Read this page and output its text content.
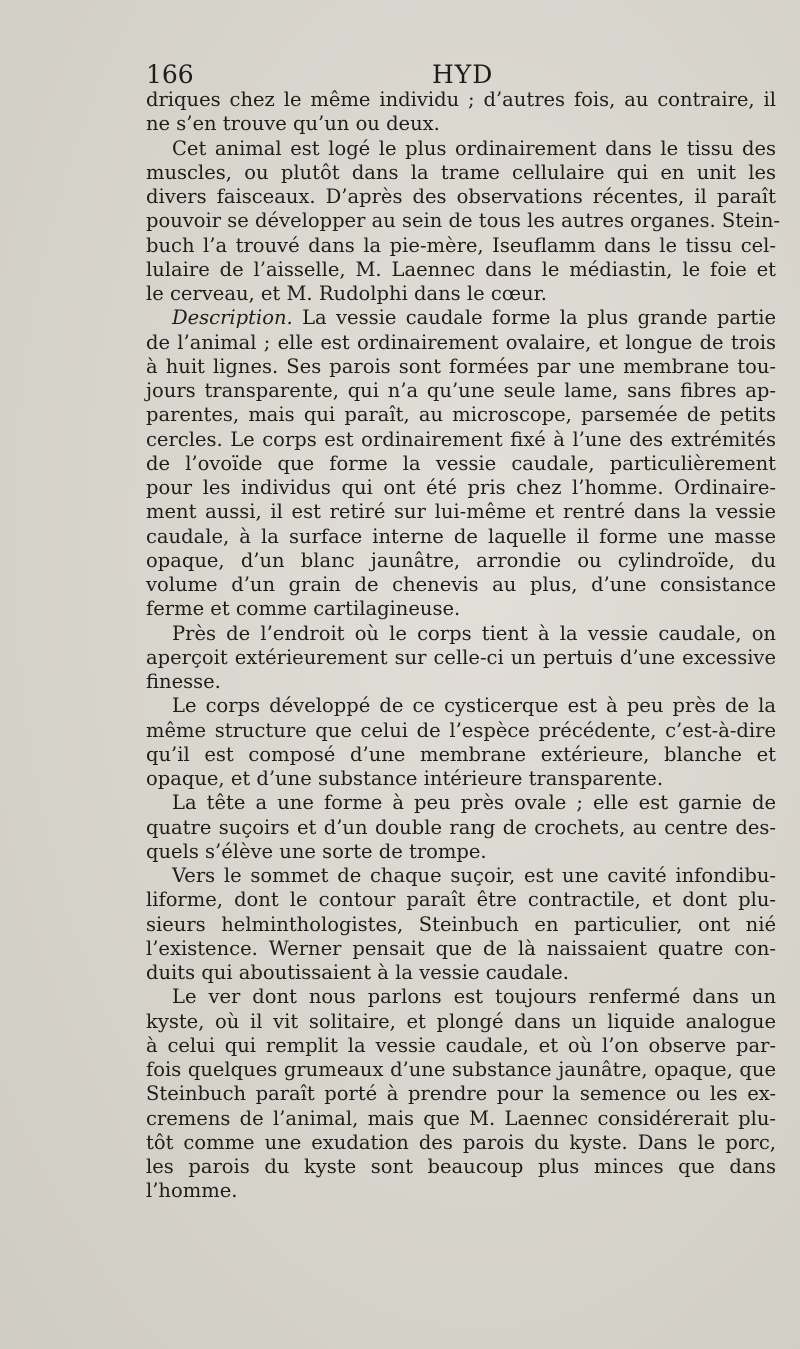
166	HYD
driques chez le même individu ; d’autres fois, au contraire, il
ne s’en trouve qu’un ou deux.
Cet animal est logé le plus ordinairement dans le tissu des
muscles, ou plutôt dans la trame cellulaire qui en unit les
divers faisceaux. D’après des observations récentes, il paraît
pouvoir se développer au sein de tous les autres organes. Stein-
buch l’a trouvé dans la pie-mère, Iseuflamm dans le tissu cel-
lulaire de l’aisselle, M. Laennec dans le médiastin, le foie et
le cerveau, et M. Rudolphi dans le cœur.
Description. La vessie caudale forme la plus grande partie
de l’animal ; elle est ordinairement ovalaire, et longue de trois
à huit lignes. Ses parois sont formées par une membrane tou-
jours transparente, qui n’a qu’une seule lame, sans fibres ap-
parentes, mais qui paraît, au microscope, parsemée de petits
cercles. Le corps est ordinairement fixé à l’une des extrémités
de l’ovoïde que forme la vessie caudale, particulièrement
pour les individus qui ont été pris chez l’homme. Ordinaire-
ment aussi, il est retiré sur lui-même et rentré dans la vessie
caudale, à la surface interne de laquelle il forme une masse
opaque, d’un blanc jaunâtre, arrondie ou cylindroïde, du
volume d’un grain de chenevis au plus, d’une consistance
ferme et comme cartilagineuse.
Près de l’endroit où le corps tient à la vessie caudale, on
aperçoit extérieurement sur celle-ci un pertuis d’une excessive
finesse.
Le corps développé de ce cysticerque est à peu près de la
même structure que celui de l’espèce précédente, c’est-à-dire
qu’il est composé d’une membrane extérieure, blanche et
opaque, et d’une substance intérieure transparente.
La tête a une forme à peu près ovale ; elle est garnie de
quatre suçoirs et d’un double rang de crochets, au centre des-
quels s’élève une sorte de trompe.
Vers le sommet de chaque suçoir, est une cavité infondibu-
liforme, dont le contour paraît être contractile, et dont plu-
sieurs helminthologistes, Steinbuch en particulier, ont nié
l’existence. Werner pensait que de là naissaient quatre con-
duits qui aboutissaient à la vessie caudale.
Le ver dont nous parlons est toujours renfermé dans un
kyste, où il vit solitaire, et plongé dans un liquide analogue
à celui qui remplit la vessie caudale, et où l’on observe par-
fois quelques grumeaux d’une substance jaunâtre, opaque, que
Steinbuch paraît porté à prendre pour la semence ou les ex-
cremens de l’animal, mais que M. Laennec considérerait plu-
tôt comme une exudation des parois du kyste. Dans le porc,
les parois du kyste sont beaucoup plus minces que dans
l’homme.
